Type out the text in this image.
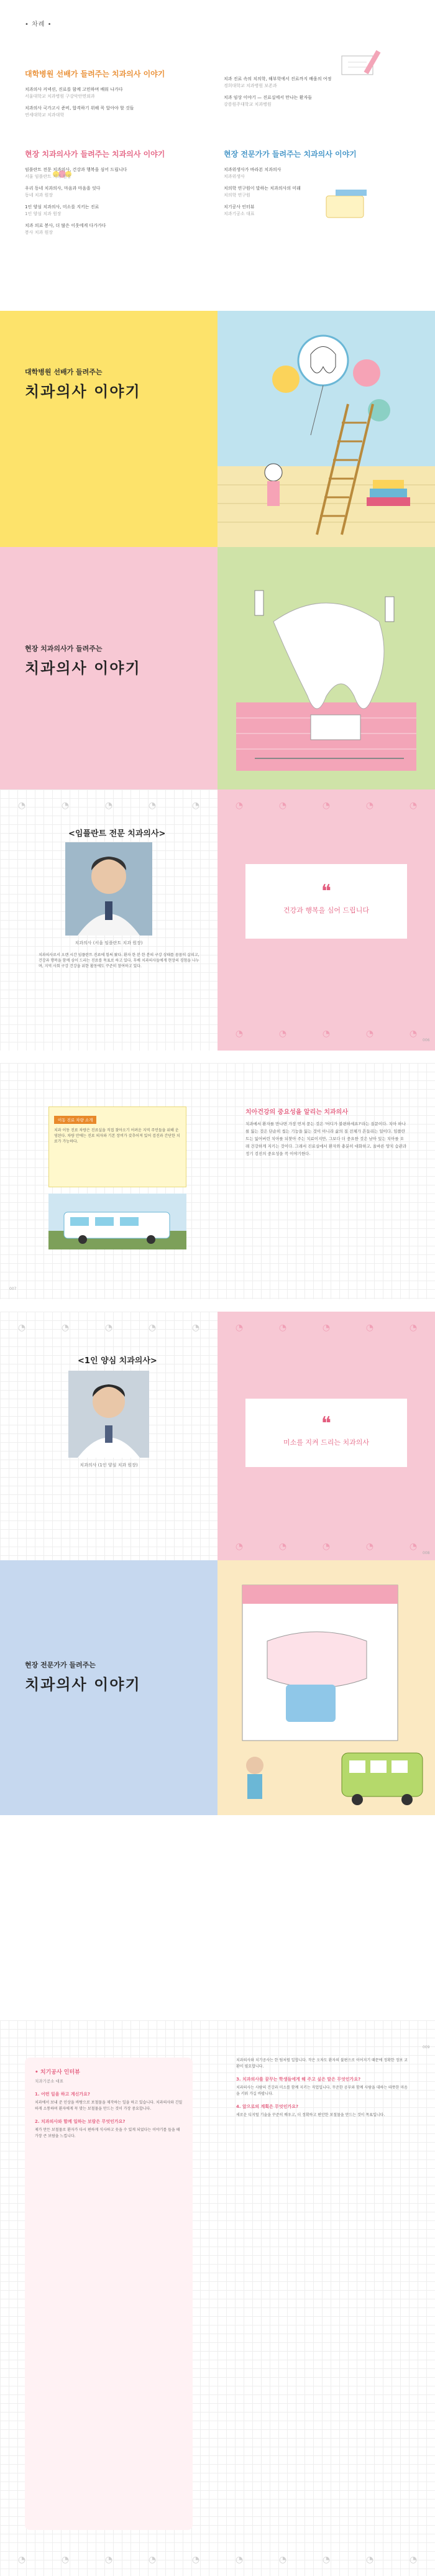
• 차례 •
대학병원 선배가 들려주는 치과의사 이야기
치과의사 커넥션, 진료를 함께 고민하며 배워 나가다
서울대학교 치과병원 구강악안면외과
치과의사 국가고시 준비, 합격하기 위해 꼭 알아야 할 것들
연세대학교 치과대학
치과 진료 속의 치의학, 해부학에서 진료까지 배움의 여정
경희대학교 치과병원 보존과
치과 임상 이야기 — 진료실에서 만나는 환자들
강릉원주대학교 치과병원
현장 치과의사가 들려주는 치과의사 이야기
임플란트 전문 치과의사, 건강과 행복을 심어 드립니다
서울 임플란트 치과 원장
우리 동네 치과의사, 마음과 마음을 잇다
동네 치과 원장
1인 양심 치과의사, 미소를 지키는 진료
1인 양심 치과 원장
치과 의료 봉사, 더 많은 이웃에게 다가가다
봉사 치과 원장
현장 전문가가 들려주는 치과의사 이야기
치과위생사가 바라본 치과의사
치과위생사
치의학 연구원이 말하는 치과의사의 미래
치의학 연구원
치기공사 인터뷰
치과기공소 대표
대학병원 선배가 들려주는
치과의사 이야기
현장 치과의사가 들려주는
치과의사 이야기
◔	◔	◔	◔	◔
<임플란트 전문 치과의사>
치과의사 (서울 임플란트 치과 원장)
치과의사로서 오랜 시간 임플란트 진료에 힘써 왔다. 환자 한 분 한 분의 구강 상태를 꼼꼼히 살피고, 건강과 행복을 함께 심어 드리는 진료를 목표로 하고 있다. 후배 치과의사들에게 현장의 경험을 나누며, 지역 사회 구강 건강을 위한 활동에도 꾸준히 참여하고 있다.
◔	◔	◔	◔	◔
❝
건강과 행복을 심어 드립니다
◔	◔	◔	◔	◔
006
이동 진료 차량 소개
치과 이동 진료 차량은 진료실을 직접 찾아오기 어려운 지역 주민들을 위해 운영된다. 차량 안에는 진료 의자와 기본 장비가 갖추어져 있어 검진과 간단한 치료가 가능하다.
치아건강의 중요성을 알리는 치과의사
치과에서 환자를 만나면 가장 먼저 묻는 것은 '어디가 불편하세요?'라는 질문이다. 치아 하나를 잃는 것은 단순히 씹는 기능을 잃는 것이 아니라 삶의 질 전체가 흔들리는 일이다. 임플란트는 잃어버린 치아를 되찾아 주는 치료이지만, 그보다 더 중요한 것은 남아 있는 치아를 오래 건강하게 지키는 것이다. 그래서 진료실에서 환자와 충분히 대화하고, 올바른 양치 습관과 정기 검진의 중요성을 꼭 이야기한다.
007
◔	◔	◔	◔	◔
<1인 양심 치과의사>
치과의사 (1인 양심 치과 원장)
◔	◔	◔	◔	◔
❝
미소를 지켜 드리는 치과의사
◔	◔	◔	◔	◔
008
현장 전문가가 들려주는
치과의사 이야기
• 치기공사 인터뷰
치과기공소 대표
1. 어떤 일을 하고 계신가요?
치과에서 보내 준 인상을 바탕으로 보철물을 제작하는 일을 하고 있습니다. 치과의사와 긴밀하게 소통하며 환자에게 꼭 맞는 보철물을 만드는 것이 가장 중요합니다.
2. 치과의사와 함께 일하는 보람은 무엇인가요?
제가 만든 보철물로 환자가 다시 편하게 식사하고 웃을 수 있게 되었다는 이야기를 들을 때 가장 큰 보람을 느낍니다.
치과의사와 치기공사는 한 팀처럼 일합니다. 작은 오차도 환자의 불편으로 이어지기 때문에 정확한 정보 교환이 필요합니다.
3. 치과의사를 꿈꾸는 학생들에게 해 주고 싶은 말은 무엇인가요?
치과의사는 사람의 건강과 미소를 함께 지키는 직업입니다. 꾸준한 공부와 함께 사람을 대하는 따뜻한 마음을 키워 가길 바랍니다.
4. 앞으로의 계획은 무엇인가요?
새로운 디지털 기술을 꾸준히 배우고, 더 정확하고 편안한 보철물을 만드는 것이 목표입니다.
◔	◔	◔	◔	◔	◔	◔	◔	◔	◔
009
